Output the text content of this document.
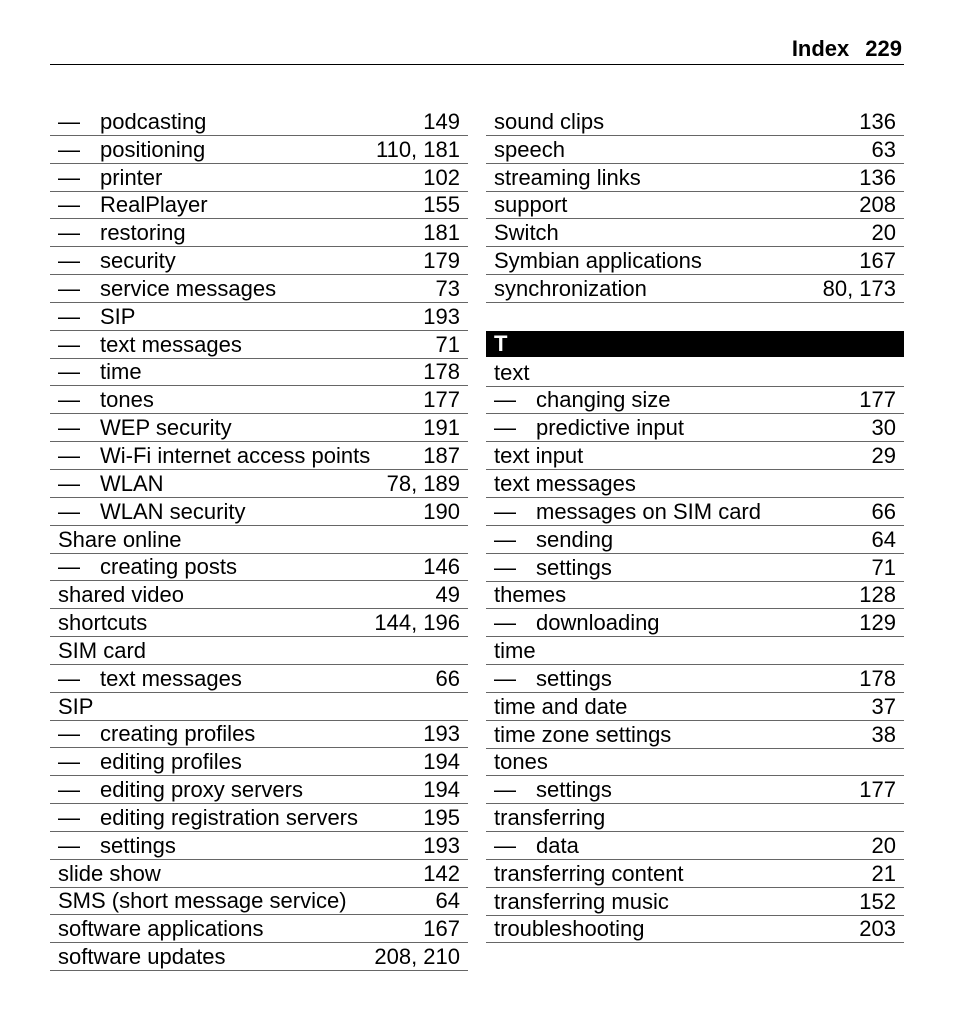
Index 229
— podcasting	149
— positioning	110, 181
— printer	102
— RealPlayer	155
— restoring	181
— security	179
— service messages	73
— SIP	193
— text messages	71
— time	178
— tones	177
— WEP security	191
— Wi-Fi internet access points	187
— WLAN	78, 189
— WLAN security	190
Share online
— creating posts	146
shared video	49
shortcuts	144, 196
SIM card
— text messages	66
SIP
— creating profiles	193
— editing profiles	194
— editing proxy servers	194
— editing registration servers	195
— settings	193
slide show	142
SMS (short message service)	64
software applications	167
software updates	208, 210
sound clips	136
speech	63
streaming links	136
support	208
Switch	20
Symbian applications	167
synchronization	80, 173
T
text
— changing size	177
— predictive input	30
text input	29
text messages
— messages on SIM card	66
— sending	64
— settings	71
themes	128
— downloading	129
time
— settings	178
time and date	37
time zone settings	38
tones
— settings	177
transferring
— data	20
transferring content	21
transferring music	152
troubleshooting	203
